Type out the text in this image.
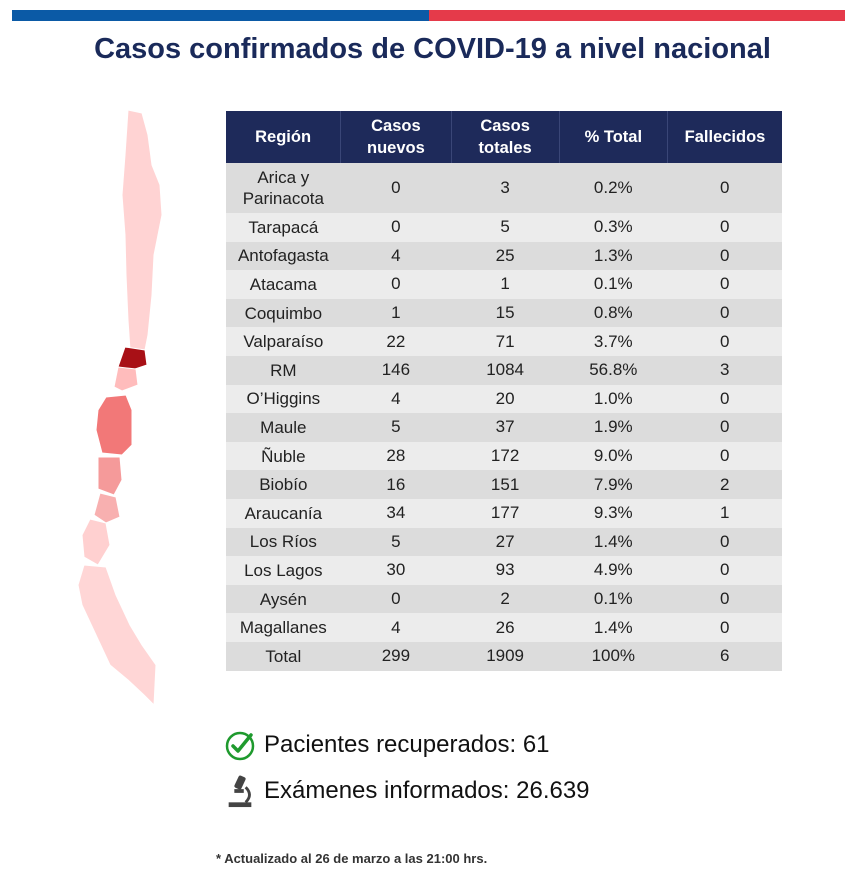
Casos confirmados de COVID-19 a nivel nacional
Región	Casos nuevos	Casos totales	% Total	Fallecidos
Arica y Parinacota	0	3	0.2%	0
Tarapacá	0	5	0.3%	0
Antofagasta	4	25	1.3%	0
Atacama	0	1	0.1%	0
Coquimbo	1	15	0.8%	0
Valparaíso	22	71	3.7%	0
RM	146	1084	56.8%	3
O’Higgins	4	20	1.0%	0
Maule	5	37	1.9%	0
Ñuble	28	172	9.0%	0
Biobío	16	151	7.9%	2
Araucanía	34	177	9.3%	1
Los Ríos	5	27	1.4%	0
Los Lagos	30	93	4.9%	0
Aysén	0	2	0.1%	0
Magallanes	4	26	1.4%	0
Total	299	1909	100%	6
Pacientes recuperados: 61
Exámenes informados: 26.639
* Actualizado al 26 de marzo a las 21:00 hrs.
